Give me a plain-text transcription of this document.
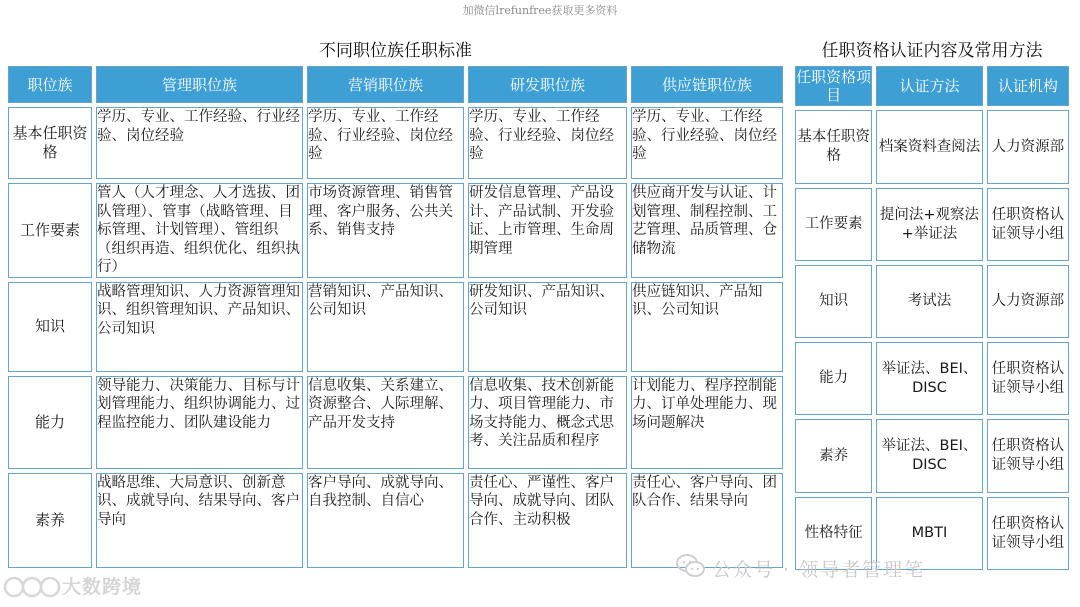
加微信lrefunfree获取更多资料
不同职位族任职标准	任职资格认证内容及常用方法
职位族	管理职位族	营销职位族	研发职位族	供应链职位族
基本任职资格	学历、专业、工作经验、行业经验、岗位经验	学历、专业、工作经验、行业经验、岗位经验	学历、专业、工作经验、行业经验、岗位经验	学历、专业、工作经验、行业经验、岗位经验
工作要素	管人（人才理念、人才选拔、团队管理）、管事（战略管理、目标管理、计划管理）、管组织（组织再造、组织优化、组织执行）	市场资源管理、销售管理、客户服务、公共关系、销售支持	研发信息管理、产品设计、产品试制、开发验证、上市管理、生命周期管理	供应商开发与认证、计划管理、制程控制、工艺管理、品质管理、仓储物流
知识	战略管理知识、人力资源管理知识、组织管理知识、产品知识、公司知识	营销知识、产品知识、公司知识	研发知识、产品知识、公司知识	供应链知识、产品知识、公司知识
能力	领导能力、决策能力、目标与计划管理能力、组织协调能力、过程监控能力、团队建设能力	信息收集、关系建立、资源整合、人际理解、产品开发支持	信息收集、技术创新能力、项目管理能力、市场支持能力、概念式思考、关注品质和程序	计划能力、程序控制能力、订单处理能力、现场问题解决
素养	战略思维、大局意识、创新意识、成就导向、结果导向、客户导向	客户导向、成就导向、自我控制、自信心	责任心、严谨性、客户导向、成就导向、团队合作、主动积极	责任心、客户导向、团队合作、结果导向
任职资格项目	认证方法	认证机构
基本任职资格	档案资料查阅法	人力资源部
工作要素	提问法+观察法+举证法	任职资格认证领导小组
知识	考试法	人力资源部
能力	举证法、BEI、DISC	任职资格认证领导小组
素养	举证法、BEI、DISC	任职资格认证领导小组
性格特征	MBTI	任职资格认证领导小组
公众号 · 领导者管理笔
大数跨境
